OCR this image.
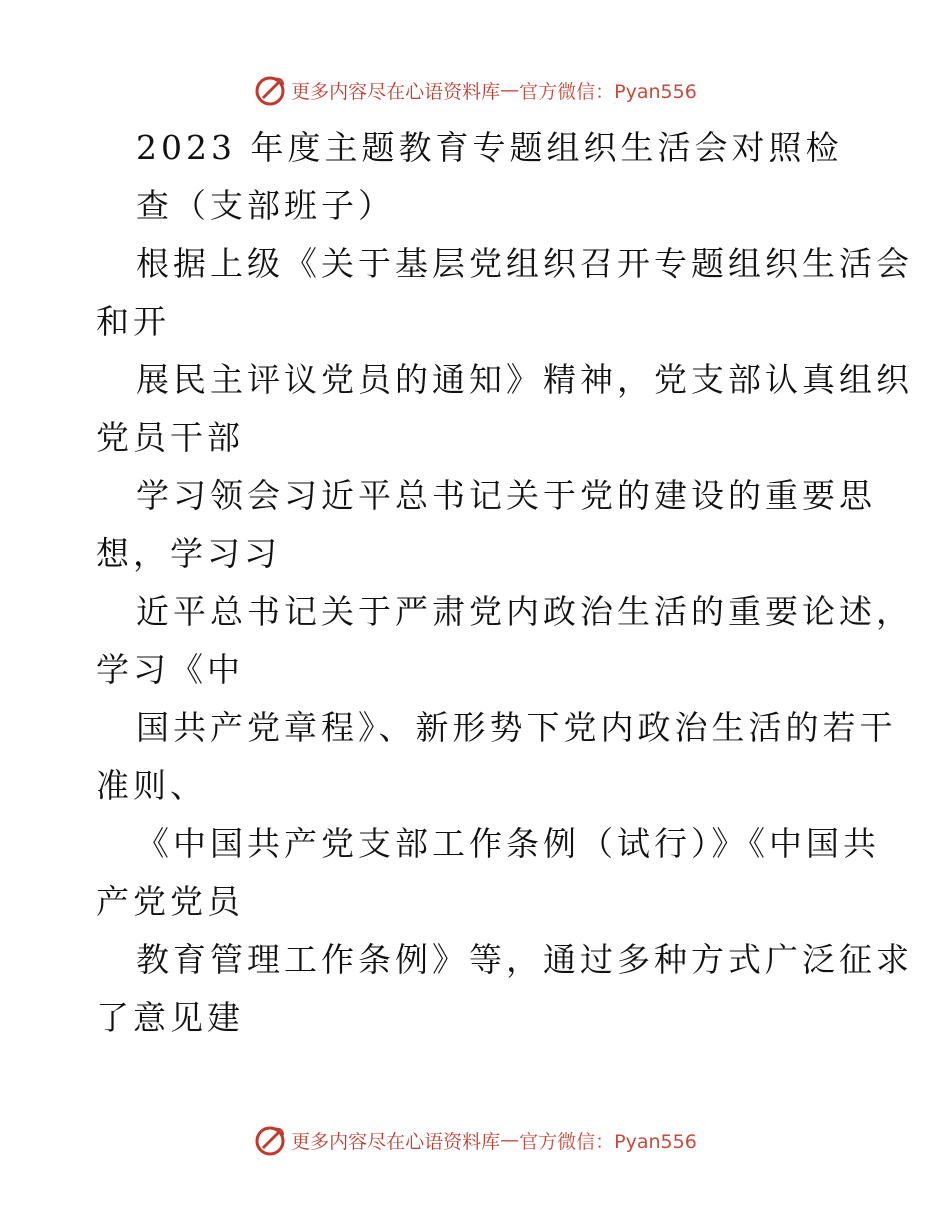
更多内容尽在心语资料库 — 官方微信：Pyan556
2023 年度主题教育专题组织生活会对照检
查（支部班子）
根据上级《关于基层党组织召开专题组织生活会
和开
展民主评议党员的通知》精神，党支部认真组织
党员干部
学习领会习近平总书记关于党的建设的重要思
想，学习习
近平总书记关于严肃党内政治生活的重要论述，
学习《中
国共产党章程》、新形势下党内政治生活的若干
准则、
《中国共产党支部工作条例（试行）》《中国共
产党党员
教育管理工作条例》等，通过多种方式广泛征求
了意见建
更多内容尽在心语资料库 — 官方微信：Pyan556
